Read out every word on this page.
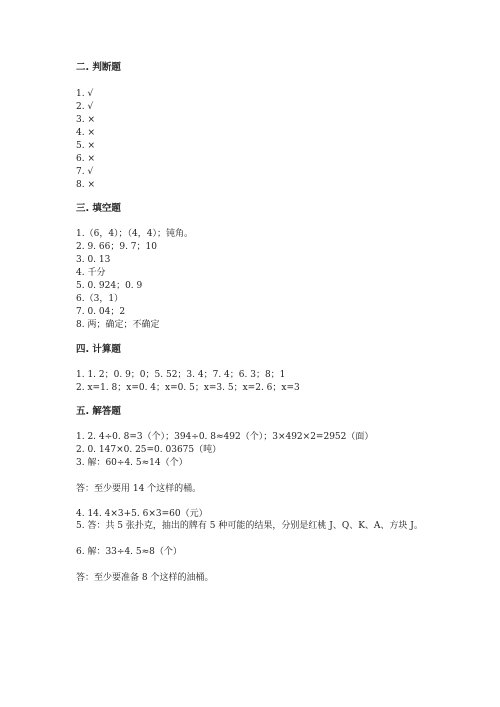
二. 判断题
1. √
2. √
3. ×
4. ×
5. ×
6. ×
7. √
8. ×
三. 填空题
1.（6，4）；（4，4）；钝角。
2. 9. 66；9. 7；10
3. 0. 13
4. 千分
5. 0. 924；0. 9
6.（3，1）
7. 0. 04；2
8. 两；确定；不确定
四. 计算题
1. 1. 2；0. 9；0；5. 52；3. 4；7. 4；6. 3；8；1
2. x=1. 8；x=0. 4；x=0. 5；x=3. 5；x=2. 6；x=3
五. 解答题
1. 2. 4÷0. 8=3（个）；394÷0. 8≈492（个）；3×492×2=2952（面）
2. 0. 147×0. 25=0. 03675（吨）
3. 解：60÷4. 5≈14（个）
答：至少要用 14 个这样的桶。
4. 14. 4×3+5. 6×3=60（元）
5. 答：共 5 张扑克，抽出的牌有 5 种可能的结果，分别是红桃 J、Q、K、A、方块 J。
6. 解：33÷4. 5≈8（个）
答：至少要准备 8 个这样的油桶。
